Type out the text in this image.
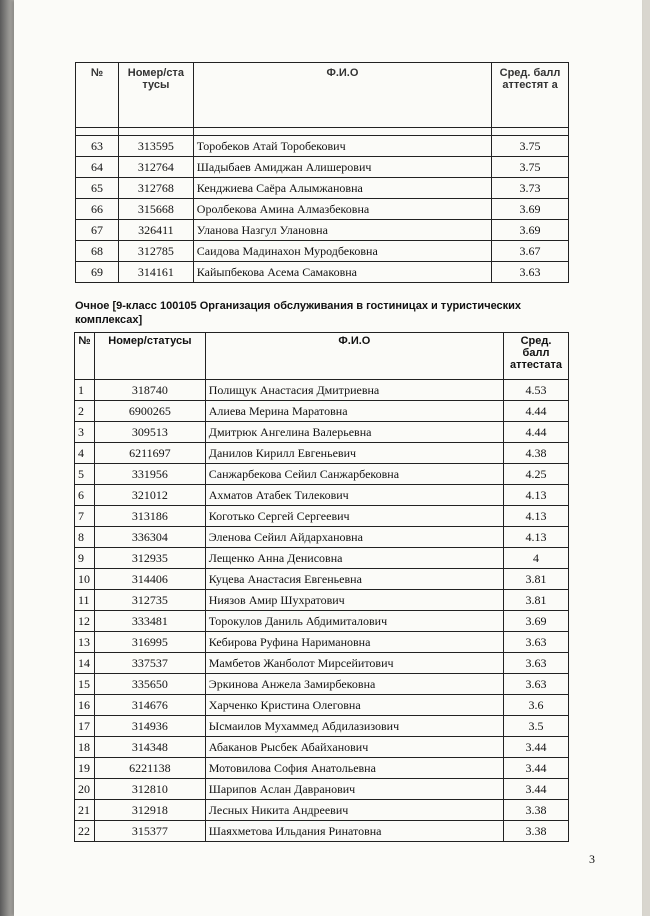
№	Номер/ста тусы	Ф.И.О	Сред. балл аттестят а

63	313595	Торобеков Атай Торобекович	3.75
64	312764	Шадыбаев Амиджан Алишерович	3.75
65	312768	Кенджиева Саёра Алымжановна	3.73
66	315668	Оролбекова Амина Алмазбековна	3.69
67	326411	Уланова Назгул Улановна	3.69
68	312785	Саидова Мадинахон Муродбековна	3.67
69	314161	Кайыпбекова Асема Самаковна	3.63
Очное [9-класс 100105 Организация обслуживания в гостиницах и туристических комплексах]
№	Номер/статусы	Ф.И.О	Сред. балл аттестата
1	318740	Полищук Анастасия Дмитриевна	4.53
2	6900265	Алиева Мерина Маратовна	4.44
3	309513	Дмитрюк Ангелина Валерьевна	4.44
4	6211697	Данилов Кирилл Евгеньевич	4.38
5	331956	Санжарбекова Сейил Санжарбековна	4.25
6	321012	Ахматов Атабек Тилекович	4.13
7	313186	Коготько Сергей Сергеевич	4.13
8	336304	Эленова Сейил Айдархановна	4.13
9	312935	Лещенко Анна Денисовна	4
10	314406	Куцева Анастасия Евгеньевна	3.81
11	312735	Ниязов Амир Шухратович	3.81
12	333481	Торокулов Даниль Абдимиталович	3.69
13	316995	Кебирова Руфина Наримановна	3.63
14	337537	Мамбетов Жанболот Мирсейитович	3.63
15	335650	Эркинова Анжела Замирбековна	3.63
16	314676	Харченко Кристина Олеговна	3.6
17	314936	Ысмаилов Мухаммед Абдилазизович	3.5
18	314348	Абаканов Рысбек Абайханович	3.44
19	6221138	Мотовилова София Анатольевна	3.44
20	312810	Шарипов Аслан Давранович	3.44
21	312918	Лесных Никита Андреевич	3.38
22	315377	Шаяхметова Ильдания Ринатовна	3.38
3
